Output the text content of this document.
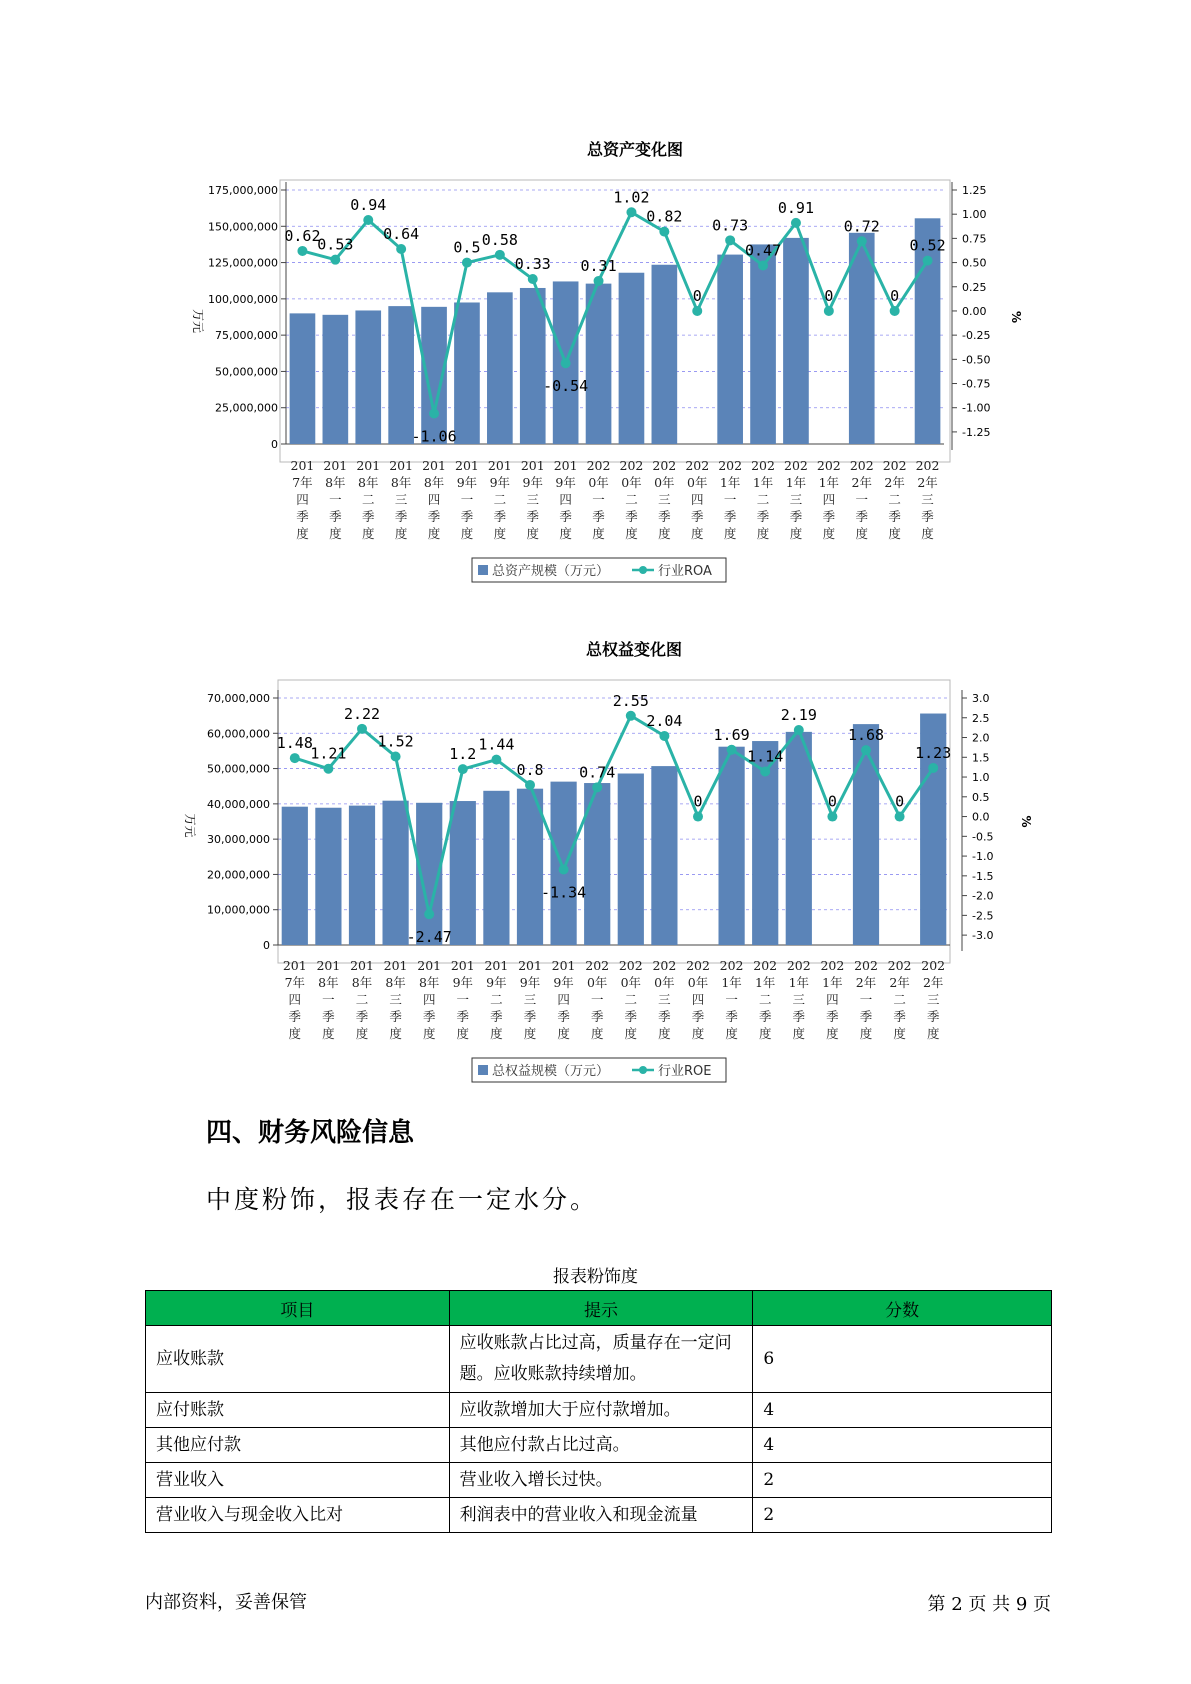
总资产变化图
175,000,000
150,000,000
125,000,000
100,000,000
75,000,000
50,000,000
25,000,000
0
1.25
1.00
0.75
0.50
0.25
0.00
-0.25
-0.50
-0.75
-1.00
-1.25
万元	%
0.62
0.53
0.94
0.64
-1.06
0.5 0.58
0.33
-0.54
0.31
1.02
0.82
0
0.73
0.47
0.91
0
0.72
0
0.52
201
7年
四
季
度
201
8年
一
季
度
201
8年
二
季
度
201
8年
三
季
度
201
8年
四
季
度
201
9年
一
季
度
201
9年
二
季
度
201
9年
三
季
度
201
9年
四
季
度
202
0年
一
季
度
202
0年
二
季
度
202
0年
三
季
度
202
0年
四
季
度
202
1年
一
季
度
202
1年
二
季
度
202
1年
三
季
度
202
1年
四
季
度
202
2年
一
季
度
202
2年
二
季
度
202
2年
三
季
度
总资产规模（万元）	行业ROA
总权益变化图
70,000,000
60,000,000
50,000,000
40,000,000
30,000,000
20,000,000
10,000,000
0
3.0
2.5
2.0
1.5
1.0
0.5
0.0
-0.5
-1.0
-1.5
-2.0
-2.5
-3.0
万元	%
1.48
1.21
2.22
1.52
-2.47
1.2
1.44
0.8
-1.34
0.74
2.55
2.04
0
1.69
1.14
2.19
0
1.68
0
1.23
201
7年
四
季
度
201
8年
一
季
度
201
8年
二
季
度
201
8年
三
季
度
201
8年
四
季
度
201
9年
一
季
度
201
9年
二
季
度
201
9年
三
季
度
201
9年
四
季
度
202
0年
一
季
度
202
0年
二
季
度
202
0年
三
季
度
202
0年
四
季
度
202
1年
一
季
度
202
1年
二
季
度
202
1年
三
季
度
202
1年
四
季
度
202
2年
一
季
度
202
2年
二
季
度
202
2年
三
季
度
总权益规模（万元）	行业ROE
四、财务风险信息

中度粉饰，报表存在一定水分。

报表粉饰度
项目	提示	分数
应收账款	应收账款占比过高，质量存在一定问题。应收账款持续增加。	6
应付账款	应收款增加大于应付款增加。	4
其他应付款	其他应付款占比过高。	4
营业收入	营业收入增长过快。	2
营业收入与现金收入比对	利润表中的营业收入和现金流量	2
内部资料，妥善保管	第 2 页 共 9 页
